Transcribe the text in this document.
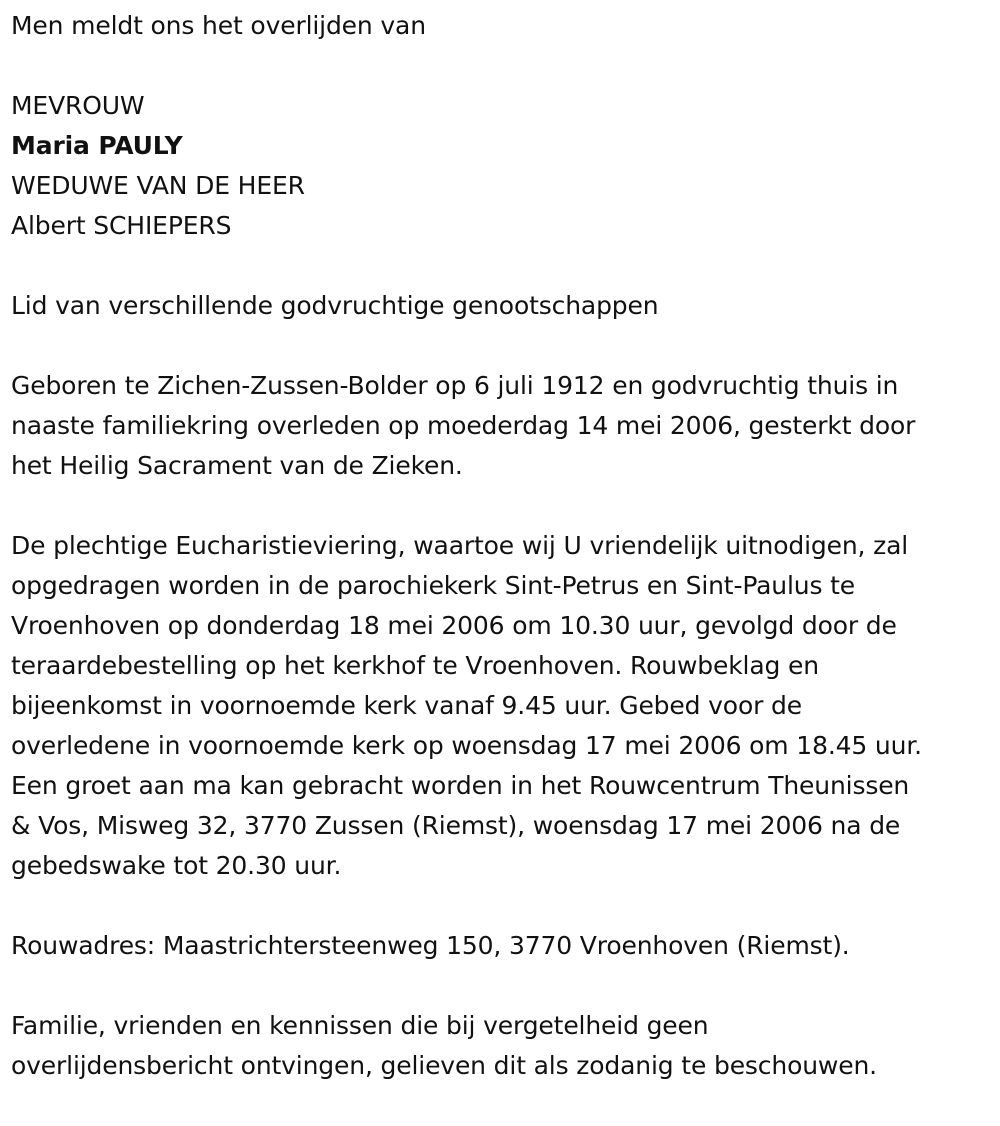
Men meldt ons het overlijden van

MEVROUW

Maria PAULY

WEDUWE VAN DE HEER

Albert SCHIEPERS

Lid van verschillende godvruchtige genootschappen

Geboren te Zichen-Zussen-Bolder op 6 juli 1912 en godvruchtig thuis in

naaste familiekring overleden op moederdag 14 mei 2006, gesterkt door

het Heilig Sacrament van de Zieken.

De plechtige Eucharistieviering, waartoe wij U vriendelijk uitnodigen, zal

opgedragen worden in de parochiekerk Sint-Petrus en Sint-Paulus te

Vroenhoven op donderdag 18 mei 2006 om 10.30 uur, gevolgd door de

teraardebestelling op het kerkhof te Vroenhoven. Rouwbeklag en

bijeenkomst in voornoemde kerk vanaf 9.45 uur. Gebed voor de

overledene in voornoemde kerk op woensdag 17 mei 2006 om 18.45 uur.

Een groet aan ma kan gebracht worden in het Rouwcentrum Theunissen

& Vos, Misweg 32, 3770 Zussen (Riemst), woensdag 17 mei 2006 na de

gebedswake tot 20.30 uur.

Rouwadres: Maastrichtersteenweg 150, 3770 Vroenhoven (Riemst).

Familie, vrienden en kennissen die bij vergetelheid geen

overlijdensbericht ontvingen, gelieven dit als zodanig te beschouwen.
